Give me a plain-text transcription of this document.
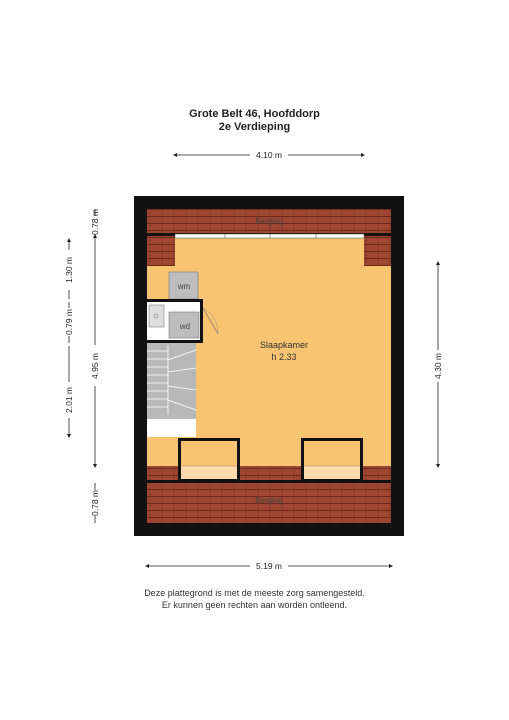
Grote Belt 46, Hoofddorp
2e Verdieping
wm
wd
Berging
Berging
Slaapkamer
h 2.33
4.10 m
5.19 m
4.30 m
0.78 m
4.95 m
0.78 m
1.30 m
0.79 m
2.01 m
Deze plattegrond is met de meeste zorg samengesteld.
Er kunnen geen rechten aan worden ontleend.
